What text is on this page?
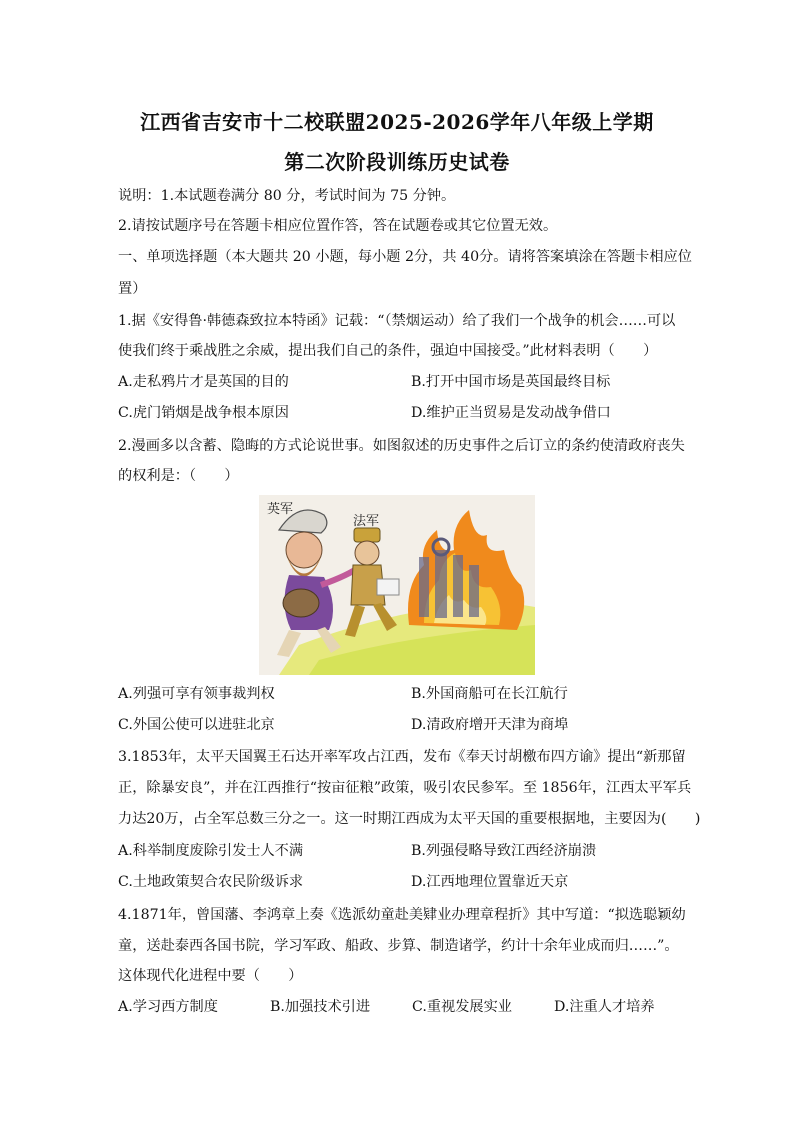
江西省吉安市十二校联盟2025-2026学年八年级上学期
第二次阶段训练历史试卷
说明：1.本试题卷满分 80 分，考试时间为 75 分钟。
2.请按试题序号在答题卡相应位置作答，答在试题卷或其它位置无效。
一、单项选择题（本大题共 20 小题，每小题 2分，共 40分。请将答案填涂在答题卡相应位
置）
1.据《安得鲁·韩德森致拉本特函》记载：“（禁烟运动）给了我们一个战争的机会……可以
使我们终于乘战胜之余威，提出我们自己的条件，强迫中国接受。”此材料表明（　　）
A.走私鸦片才是英国的目的	B.打开中国市场是英国最终目标
C.虎门销烟是战争根本原因	D.维护正当贸易是发动战争借口
2.漫画多以含蓄、隐晦的方式论说世事。如图叙述的历史事件之后订立的条约使清政府丧失
的权利是：（　　）
英军
法军
A.列强可享有领事裁判权	B.外国商船可在长江航行
C.外国公使可以进驻北京	D.清政府增开天津为商埠
3.1853年，太平天国翼王石达开率军攻占江西，发布《奉天讨胡檄布四方谕》提出“新那留
正，除暴安良”，并在江西推行“按亩征粮”政策，吸引农民参军。至 1856年，江西太平军兵
力达20万，占全军总数三分之一。这一时期江西成为太平天国的重要根据地，主要因为(　　)
A.科举制度废除引发士人不满	B.列强侵略导致江西经济崩溃
C.土地政策契合农民阶级诉求	D.江西地理位置靠近天京
4.1871年，曾国藩、李鸿章上奏《选派幼童赴美肄业办理章程折》其中写道：“拟选聪颖幼
童，送赴泰西各国书院，学习军政、船政、步算、制造诸学，约计十余年业成而归……”。
这体现代化进程中要（　　）
A.学习西方制度	B.加强技术引进	C.重视发展实业	D.注重人才培养
